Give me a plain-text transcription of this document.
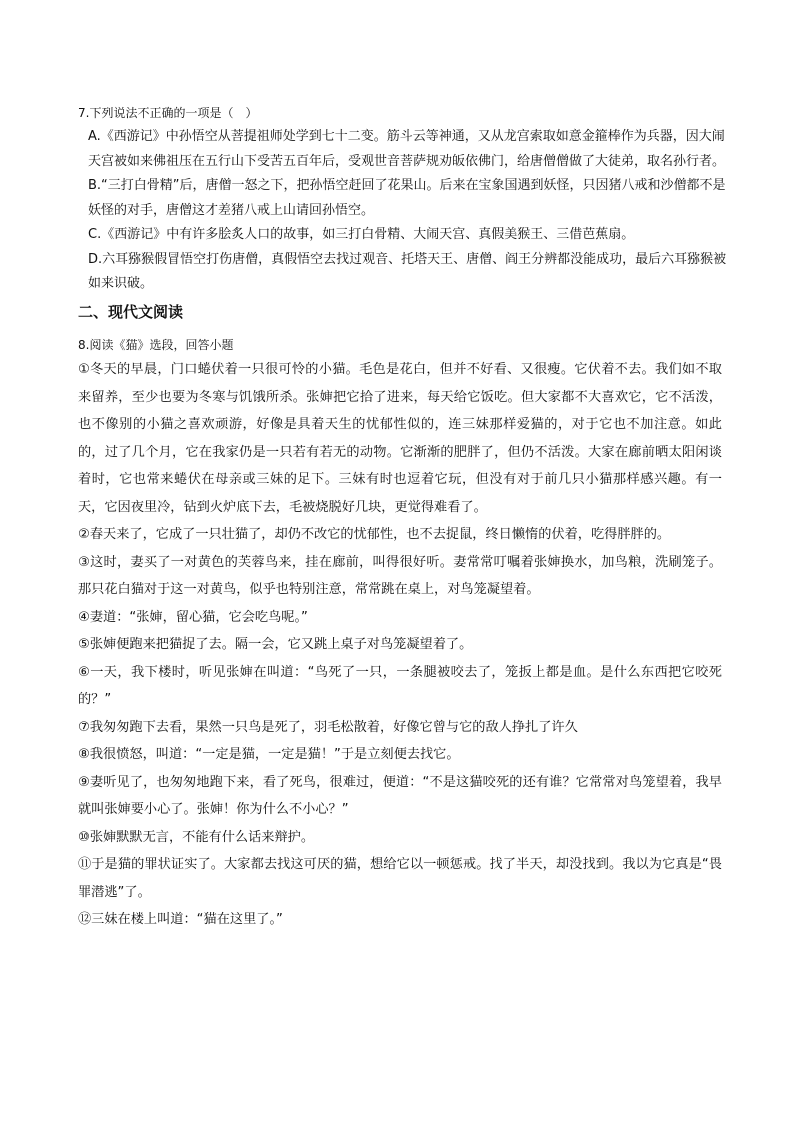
7.下列说法不正确的一项是（　）

A.《西游记》中孙悟空从菩提祖师处学到七十二变。筋斗云等神通，又从龙宫索取如意金箍棒作为兵器，因大闹天宫被如来佛祖压在五行山下受苦五百年后，受观世音菩萨规劝皈依佛门，给唐僧僧做了大徒弟，取名孙行者。

B.“三打白骨精”后，唐僧一怒之下，把孙悟空赶回了花果山。后来在宝象国遇到妖怪，只因猪八戒和沙僧都不是妖怪的对手，唐僧这才差猪八戒上山请回孙悟空。

C.《西游记》中有许多脍炙人口的故事，如三打白骨精、大闹天宫、真假美猴王、三借芭蕉扇。

D.六耳猕猴假冒悟空打伤唐僧，真假悟空去找过观音、托塔天王、唐僧、阎王分辨都没能成功，最后六耳猕猴被如来识破。

二、现代文阅读

8.阅读《猫》选段，回答小题

①冬天的早晨，门口蜷伏着一只很可怜的小猫。毛色是花白，但并不好看、又很瘦。它伏着不去。我们如不取来留养，至少也要为冬寒与饥饿所杀。张婶把它拾了进来，每天给它饭吃。但大家都不大喜欢它，它不活泼，也不像别的小猫之喜欢顽游，好像是具着天生的忧郁性似的，连三妹那样爱猫的，对于它也不加注意。如此的，过了几个月，它在我家仍是一只若有若无的动物。它渐渐的肥胖了，但仍不活泼。大家在廊前晒太阳闲谈着时，它也常来蜷伏在母亲或三妹的足下。三妹有时也逗着它玩，但没有对于前几只小猫那样感兴趣。有一天，它因夜里冷，钻到火炉底下去，毛被烧脱好几块，更觉得难看了。

②春天来了，它成了一只壮猫了，却仍不改它的忧郁性，也不去捉鼠，终日懒惰的伏着，吃得胖胖的。

③这时，妻买了一对黄色的芙蓉鸟来，挂在廊前，叫得很好听。妻常常叮嘱着张婶换水，加鸟粮，洗刷笼子。那只花白猫对于这一对黄鸟，似乎也特别注意，常常跳在桌上，对鸟笼凝望着。

④妻道：“张婶，留心猫，它会吃鸟呢。”

⑤张婶便跑来把猫捉了去。隔一会，它又跳上桌子对鸟笼凝望着了。

⑥一天，我下楼时，听见张婶在叫道：“鸟死了一只，一条腿被咬去了，笼扳上都是血。是什么东西把它咬死的？”

⑦我匆匆跑下去看，果然一只鸟是死了，羽毛松散着，好像它曾与它的敌人挣扎了许久

⑧我很愤怒，叫道：“一定是猫，一定是猫！”于是立刻便去找它。

⑨妻听见了，也匆匆地跑下来，看了死鸟，很难过，便道：“不是这猫咬死的还有谁？它常常对鸟笼望着，我早就叫张婶要小心了。张婶！你为什么不小心？”

⑩张婶默默无言，不能有什么话来辩护。

⑪于是猫的罪状证实了。大家都去找这可厌的猫，想给它以一顿惩戒。找了半天，却没找到。我以为它真是“畏罪潜逃”了。

⑫三妹在楼上叫道：“猫在这里了。”
